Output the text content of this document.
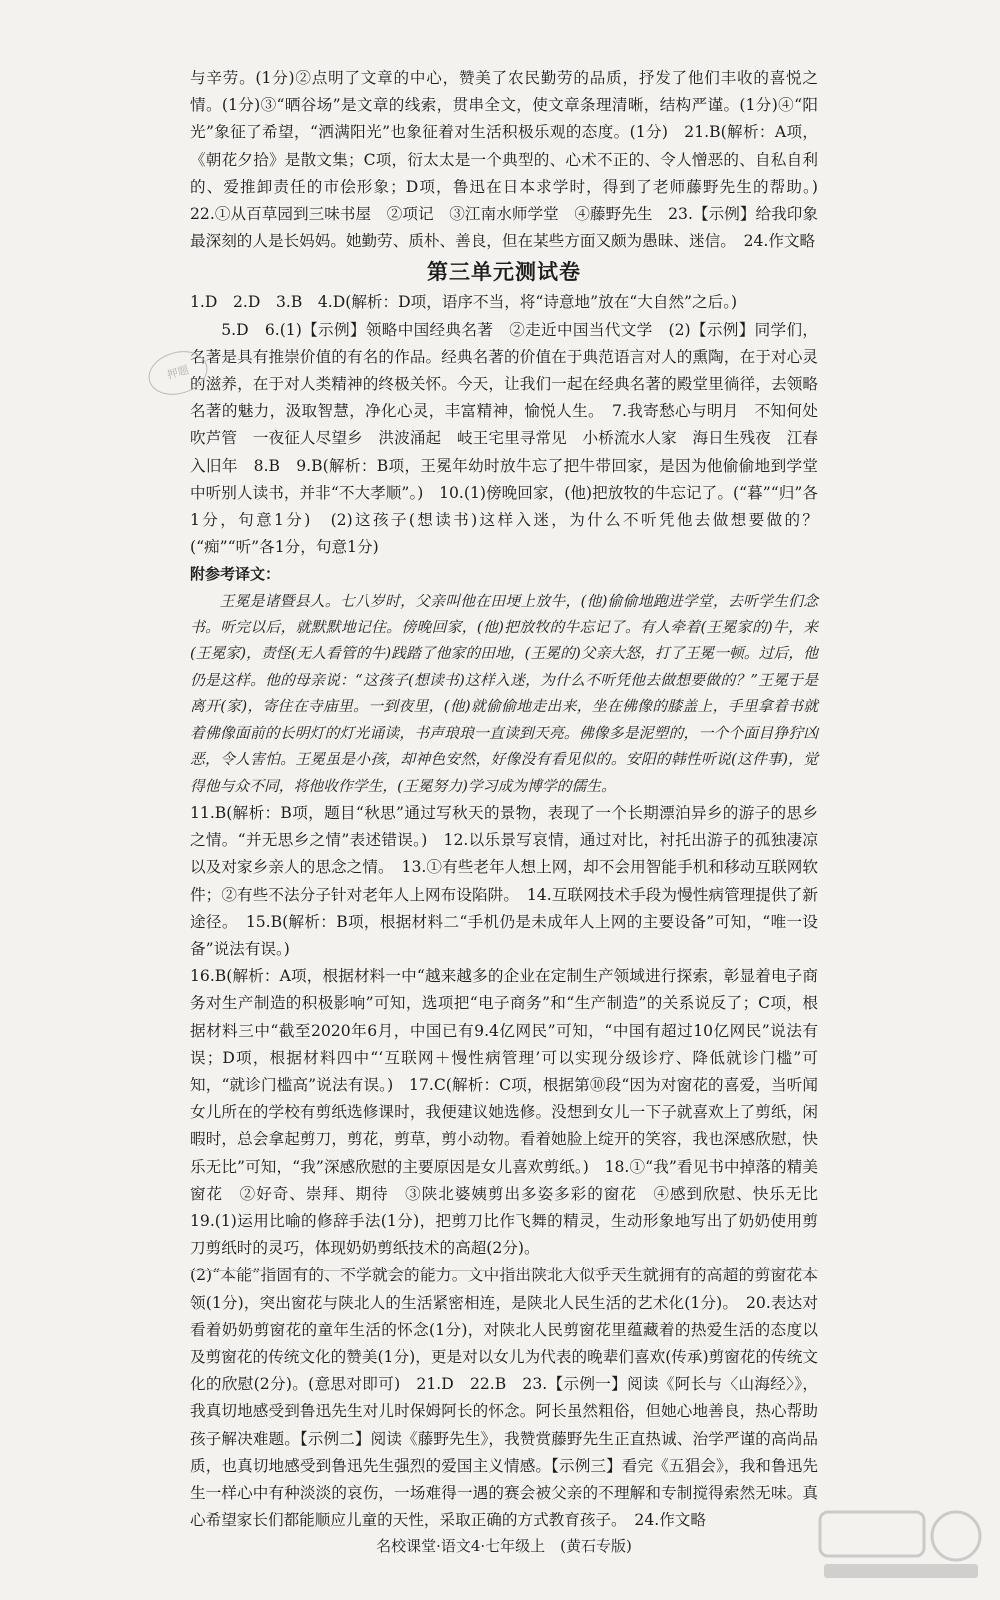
与辛劳。(1分)②点明了文章的中心，赞美了农民勤劳的品质，抒发了他们丰收的喜悦之情。(1分)③“晒谷场”是文章的线索，贯串全文，使文章条理清晰，结构严谨。(1分)④“阳光”象征了希望，“洒满阳光”也象征着对生活积极乐观的态度。(1分)　21.B(解析：A项，《朝花夕拾》是散文集；C项，衍太太是一个典型的、心术不正的、令人憎恶的、自私自利的、爱推卸责任的市侩形象；D项，鲁迅在日本求学时，得到了老师藤野先生的帮助。)　22.①从百草园到三味书屋　②项记　③江南水师学堂　④藤野先生　23.【示例】给我印象最深刻的人是长妈妈。她勤劳、质朴、善良，但在某些方面又颇为愚昧、迷信。　24.作文略

第三单元测试卷

1.D　2.D　3.B　4.D(解析：D项，语序不当，将“诗意地”放在“大自然”之后。)

5.D　6.(1)【示例】领略中国经典名著　②走近中国当代文学　(2)【示例】同学们，名著是具有推崇价值的有名的作品。经典名著的价值在于典范语言对人的熏陶，在于对心灵的滋养，在于对人类精神的终极关怀。今天，让我们一起在经典名著的殿堂里徜徉，去领略名著的魅力，汲取智慧，净化心灵，丰富精神，愉悦人生。　7.我寄愁心与明月　不知何处吹芦管　一夜征人尽望乡　洪波涌起　岐王宅里寻常见　小桥流水人家　海日生残夜　江春入旧年　8.B　9.B(解析：B项，王冕年幼时放牛忘了把牛带回家，是因为他偷偷地到学堂中听别人读书，并非“不大孝顺”。)　10.(1)傍晚回家，(他)把放牧的牛忘记了。(“暮”“归”各1分，句意1分)　(2)这孩子(想读书)这样入迷，为什么不听凭他去做想要做的？(“痴”“听”各1分，句意1分)

附参考译文：

王冕是诸暨县人。七八岁时，父亲叫他在田埂上放牛，(他)偷偷地跑进学堂，去听学生们念书。听完以后，就默默地记住。傍晚回家，(他)把放牧的牛忘记了。有人牵着(王冕家的)牛，来(王冕家)，责怪(无人看管的牛)践踏了他家的田地，(王冕的)父亲大怒，打了王冕一顿。过后，他仍是这样。他的母亲说：“这孩子(想读书)这样入迷，为什么不听凭他去做想要做的？”王冕于是离开(家)，寄住在寺庙里。一到夜里，(他)就偷偷地走出来，坐在佛像的膝盖上，手里拿着书就着佛像面前的长明灯的灯光诵读，书声琅琅一直读到天亮。佛像多是泥塑的，一个个面目狰狞凶恶，令人害怕。王冕虽是小孩，却神色安然，好像没有看见似的。安阳的韩性听说(这件事)，觉得他与众不同，将他收作学生，(王冕努力)学习成为博学的儒生。

11.B(解析：B项，题目“秋思”通过写秋天的景物，表现了一个长期漂泊异乡的游子的思乡之情。“并无思乡之情”表述错误。)　12.以乐景写哀情，通过对比，衬托出游子的孤独凄凉以及对家乡亲人的思念之情。　13.①有些老年人想上网，却不会用智能手机和移动互联网软件；②有些不法分子针对老年人上网布设陷阱。　14.互联网技术手段为慢性病管理提供了新途径。　15.B(解析：B项，根据材料二“手机仍是未成年人上网的主要设备”可知，“唯一设备”说法有误。)

16.B(解析：A项，根据材料一中“越来越多的企业在定制生产领域进行探索，彰显着电子商务对生产制造的积极影响”可知，选项把“电子商务”和“生产制造”的关系说反了；C项，根据材料三中“截至2020年6月，中国已有9.4亿网民”可知，“中国有超过10亿网民”说法有误；D项，根据材料四中“‘互联网＋慢性病管理’可以实现分级诊疗、降低就诊门槛”可知，“就诊门槛高”说法有误。)　17.C(解析：C项，根据第⑩段“因为对窗花的喜爱，当听闻女儿所在的学校有剪纸选修课时，我便建议她选修。没想到女儿一下子就喜欢上了剪纸，闲暇时，总会拿起剪刀，剪花，剪草，剪小动物。看着她脸上绽开的笑容，我也深感欣慰，快乐无比”可知，“我”深感欣慰的主要原因是女儿喜欢剪纸。)　18.①“我”看见书中掉落的精美窗花　②好奇、崇拜、期待　③陕北婆姨剪出多姿多彩的窗花　④感到欣慰、快乐无比　19.(1)运用比喻的修辞手法(1分)，把剪刀比作飞舞的精灵，生动形象地写出了奶奶使用剪刀剪纸时的灵巧，体现奶奶剪纸技术的高超(2分)。

(2)“本能”指固有的、不学就会的能力。文中指出陕北人似乎天生就拥有的高超的剪窗花本领(1分)，突出窗花与陕北人的生活紧密相连，是陕北人民生活的艺术化(1分)。　20.表达对看着奶奶剪窗花的童年生活的怀念(1分)，对陕北人民剪窗花里蕴藏着的热爱生活的态度以及剪窗花的传统文化的赞美(1分)，更是对以女儿为代表的晚辈们喜欢(传承)剪窗花的传统文化的欣慰(2分)。(意思对即可)　21.D　22.B　23.【示例一】阅读《阿长与〈山海经〉》，我真切地感受到鲁迅先生对儿时保姆阿长的怀念。阿长虽然粗俗，但她心地善良，热心帮助孩子解决难题。【示例二】阅读《藤野先生》，我赞赏藤野先生正直热诚、治学严谨的高尚品质，也真切地感受到鲁迅先生强烈的爱国主义情感。【示例三】看完《五猖会》，我和鲁迅先生一样心中有种淡淡的哀伤，一场难得一遇的赛会被父亲的不理解和专制搅得索然无味。真心希望家长们都能顺应儿童的天性，采取正确的方式教育孩子。　24.作文略

押题
名校课堂·语文4·七年级上　(黄石专版)
